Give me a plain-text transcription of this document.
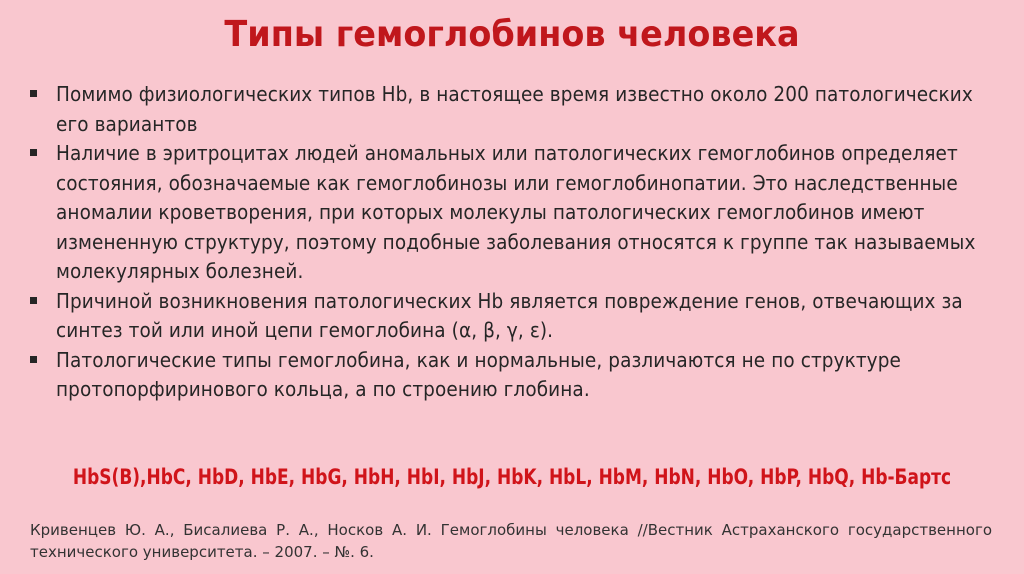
Типы гемоглобинов человека
Помимо физиологических типов Hb, в настоящее время известно около 200 патологических его вариантов
Наличие в эритроцитах людей аномальных или патологических гемоглобинов определяет состояния, обозначаемые как гемоглобинозы или гемоглобинопатии. Это наследственные аномалии кроветворения, при которых молекулы патологических гемоглобинов имеют измененную структуру, поэтому подобные заболевания относятся к группе так называемых молекулярных болезней.
Причиной возникновения патологических Hb является повреждение генов, отвечающих за синтез той или иной цепи гемоглобина (α, β, γ, ε).
Патологические типы гемоглобина, как и нормальные, различаются не по структуре протопорфиринового кольца, а по строению глобина.
HbS(B),HbC, HbD, HbE, HbG, HbH, HbI, HbJ, HbK, HbL, HbM, HbN, HbO, HbP, HbQ, Hb-Бартс
Кривенцев Ю. А., Бисалиева Р. А., Носков А. И. Гемоглобины человека //Вестник Астраханского государственного технического университета. – 2007. – №. 6.
